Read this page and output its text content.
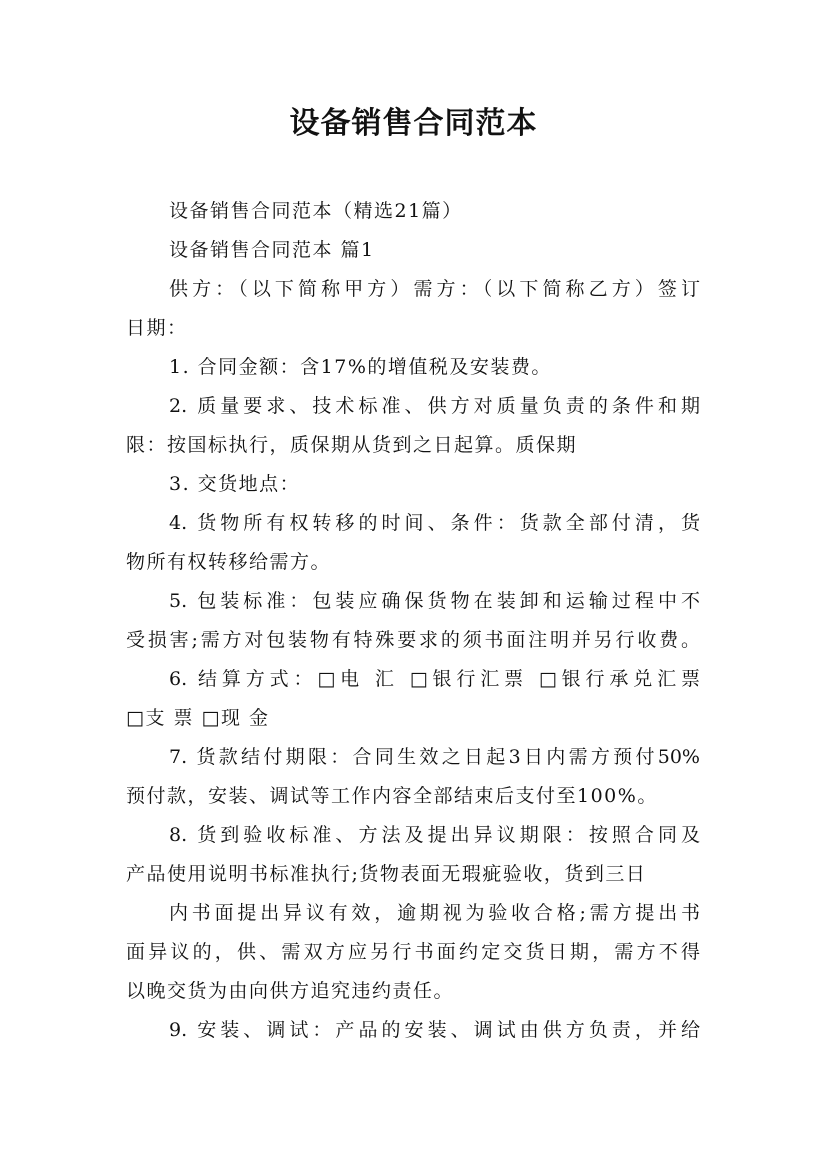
设备销售合同范本

设备销售合同范本（精选21篇）

设备销售合同范本 篇1

供方：（以下简称甲方）需方：（以下简称乙方）签订

日期：

1. 合同金额：含17%的增值税及安装费。

2. 质量要求、技术标准、供方对质量负责的条件和期

限：按国标执行，质保期从货到之日起算。质保期

3. 交货地点：

4. 货物所有权转移的时间、条件：货款全部付清，货

物所有权转移给需方。

5. 包装标准：包装应确保货物在装卸和运输过程中不

受损害;需方对包装物有特殊要求的须书面注明并另行收费。

6. 结算方式：□电 汇 □银行汇票 □银行承兑汇票

□支 票 □现 金

7. 货款结付期限：合同生效之日起3日内需方预付50%

预付款，安装、调试等工作内容全部结束后支付至100%。

8. 货到验收标准、方法及提出异议期限：按照合同及

产品使用说明书标准执行;货物表面无瑕疵验收，货到三日

内书面提出异议有效，逾期视为验收合格;需方提出书

面异议的，供、需双方应另行书面约定交货日期，需方不得

以晚交货为由向供方追究违约责任。

9. 安装、调试：产品的安装、调试由供方负责，并给
